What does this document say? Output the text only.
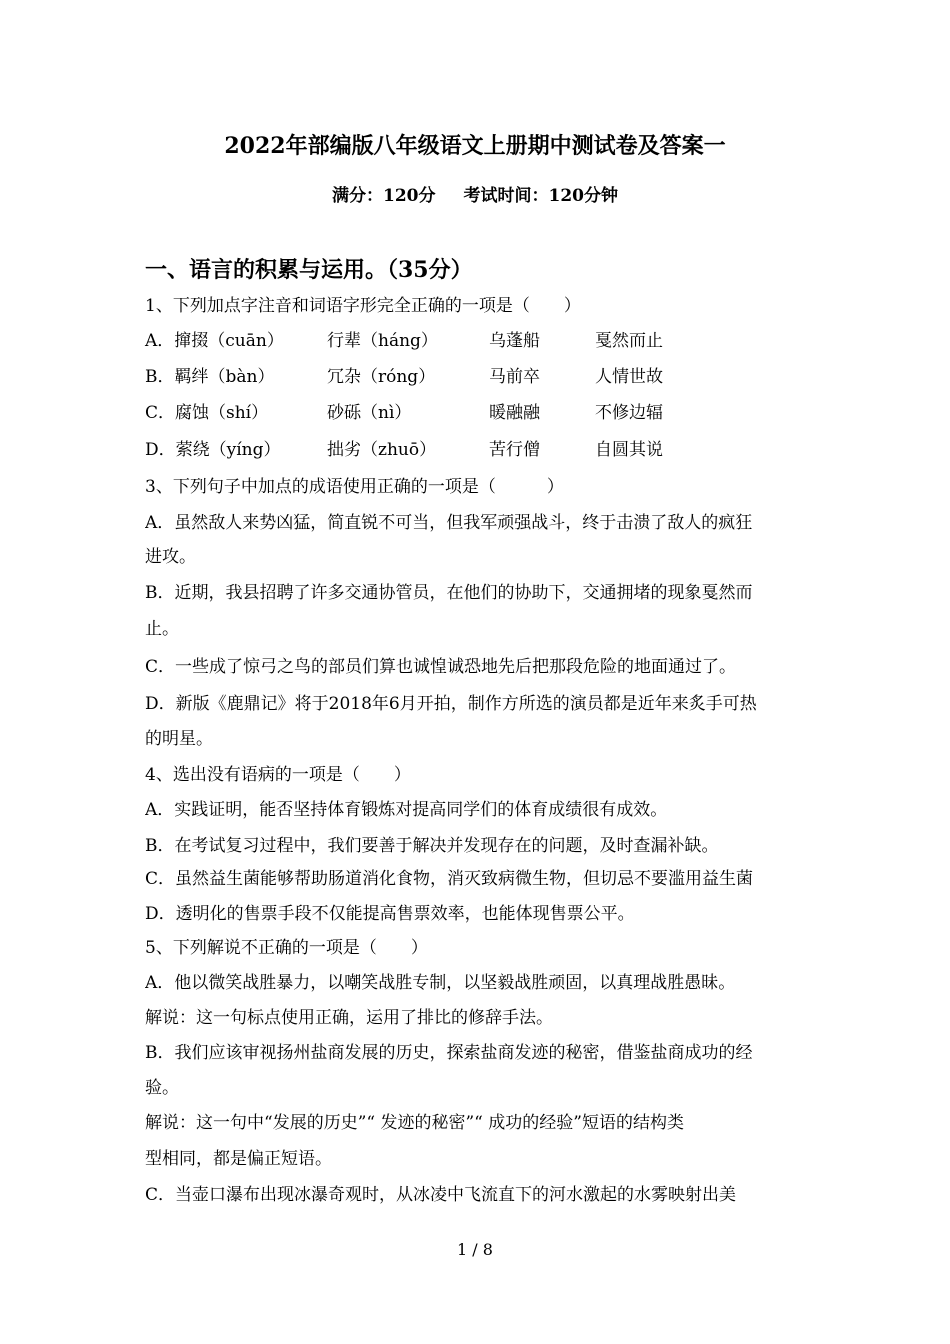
2022年部编版八年级语文上册期中测试卷及答案一
满分：120分 考试时间：120分钟
一、语言的积累与运用。（35分）
1、下列加点字注音和词语字形完全正确的一项是（　　）
A．撺掇（cuān）	行辈（háng）	乌蓬船	戛然而止
B．羁绊（bàn）	冗杂（róng）	马前卒	人情世故
C．腐蚀（shí）	砂砾（nì）	暖融融	不修边辐
D．萦绕（yíng）	拙劣（zhuō）	苦行僧	自圆其说
3、下列句子中加点的成语使用正确的一项是（　　　）
A．虽然敌人来势凶猛，简直锐不可当，但我军顽强战斗，终于击溃了敌人的疯狂
进攻。
B．近期，我县招聘了许多交通协管员，在他们的协助下，交通拥堵的现象戛然而
止。
C．一些成了惊弓之鸟的部员们算也诚惶诚恐地先后把那段危险的地面通过了。
D．新版《鹿鼎记》将于2018年6月开拍，制作方所选的演员都是近年来炙手可热
的明星。
4、选出没有语病的一项是（　　）
A．实践证明，能否坚持体育锻炼对提高同学们的体育成绩很有成效。
B．在考试复习过程中，我们要善于解决并发现存在的问题，及时查漏补缺。
C．虽然益生菌能够帮助肠道消化食物，消灭致病微生物，但切忌不要滥用益生菌
D．透明化的售票手段不仅能提高售票效率，也能体现售票公平。
5、下列解说不正确的一项是（　　）
A．他以微笑战胜暴力，以嘲笑战胜专制，以坚毅战胜顽固，以真理战胜愚昧。
解说：这一句标点使用正确，运用了排比的修辞手法。
B．我们应该审视扬州盐商发展的历史，探索盐商发迹的秘密，借鉴盐商成功的经
验。
解说：这一句中“发展的历史”“ 发迹的秘密”“ 成功的经验”短语的结构类
型相同，都是偏正短语。
C．当壶口瀑布出现冰瀑奇观时，从冰凌中飞流直下的河水激起的水雾映射出美
1 / 8
